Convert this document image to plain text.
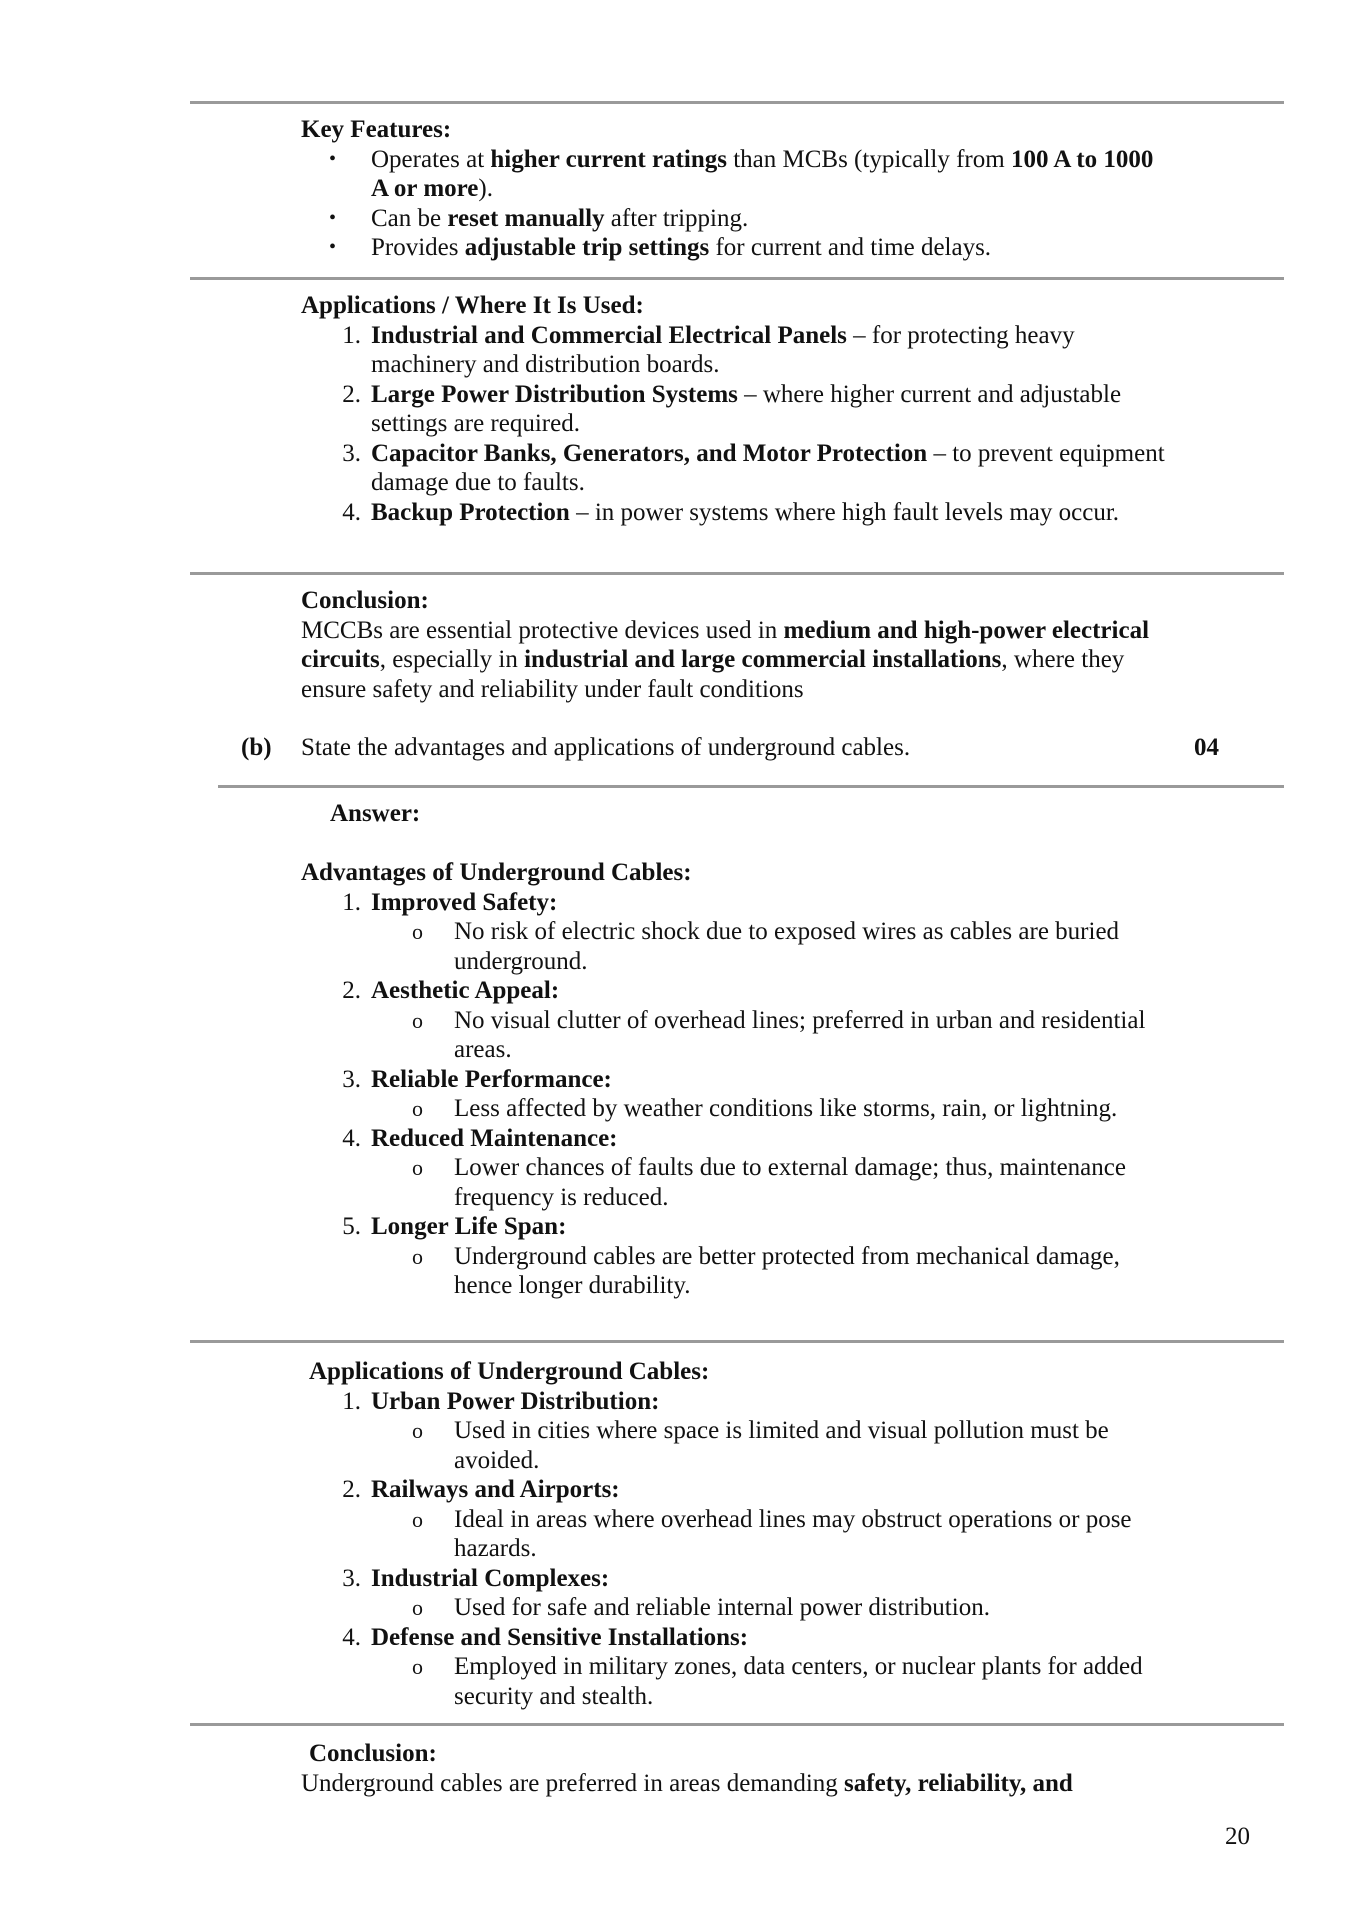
Key Features:
• Operates at higher current ratings than MCBs (typically from 100 A to 1000 A or more).
• Can be reset manually after tripping.
• Provides adjustable trip settings for current and time delays.
Applications / Where It Is Used:
1. Industrial and Commercial Electrical Panels – for protecting heavy machinery and distribution boards.
2. Large Power Distribution Systems – where higher current and adjustable settings are required.
3. Capacitor Banks, Generators, and Motor Protection – to prevent equipment damage due to faults.
4. Backup Protection – in power systems where high fault levels may occur.
Conclusion:
MCCBs are essential protective devices used in medium and high-power electrical circuits, especially in industrial and large commercial installations, where they ensure safety and reliability under fault conditions
(b) State the advantages and applications of underground cables.	04
Answer:
Advantages of Underground Cables:
1. Improved Safety:
o No risk of electric shock due to exposed wires as cables are buried underground.
2. Aesthetic Appeal:
o No visual clutter of overhead lines; preferred in urban and residential areas.
3. Reliable Performance:
o Less affected by weather conditions like storms, rain, or lightning.
4. Reduced Maintenance:
o Lower chances of faults due to external damage; thus, maintenance frequency is reduced.
5. Longer Life Span:
o Underground cables are better protected from mechanical damage, hence longer durability.
Applications of Underground Cables:
1. Urban Power Distribution:
o Used in cities where space is limited and visual pollution must be avoided.
2. Railways and Airports:
o Ideal in areas where overhead lines may obstruct operations or pose hazards.
3. Industrial Complexes:
o Used for safe and reliable internal power distribution.
4. Defense and Sensitive Installations:
o Employed in military zones, data centers, or nuclear plants for added security and stealth.
Conclusion:
Underground cables are preferred in areas demanding safety, reliability, and
20
